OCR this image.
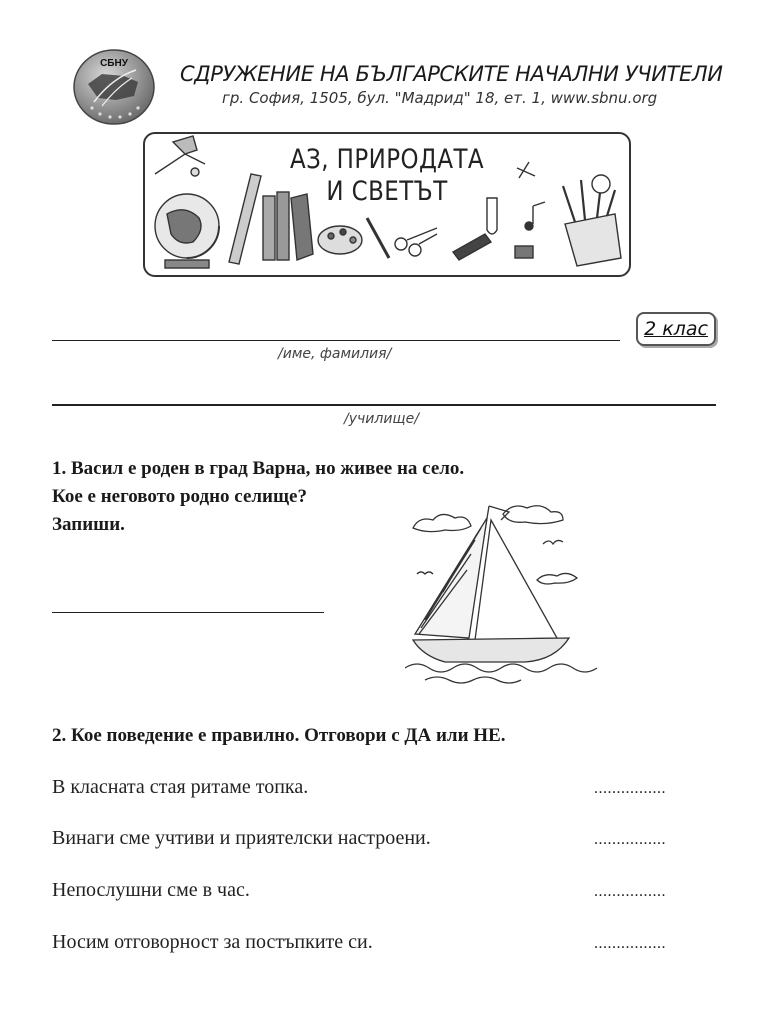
СБНУ СДРУЖЕНИЕ НА БЪЛГАРСКИТЕ НАЧАЛНИ УЧИТЕЛИ
гр. София, 1505, бул. "Мадрид" 18, ет. 1, www.sbnu.org
АЗ, ПРИРОДАТА
И СВЕТЪТ
2 клас
/име, фамилия/
/училище/
1. Васил е роден в град Варна, но живее на село.
Кое е неговото родно селище?
Запиши.
2. Кое поведение е правилно. Отговори с ДА или НЕ.
В класната стая ритаме топка.	................
Винаги сме учтиви и приятелски настроени.	................
Непослушни сме в час.	................
Носим отговорност за постъпките си.	................
